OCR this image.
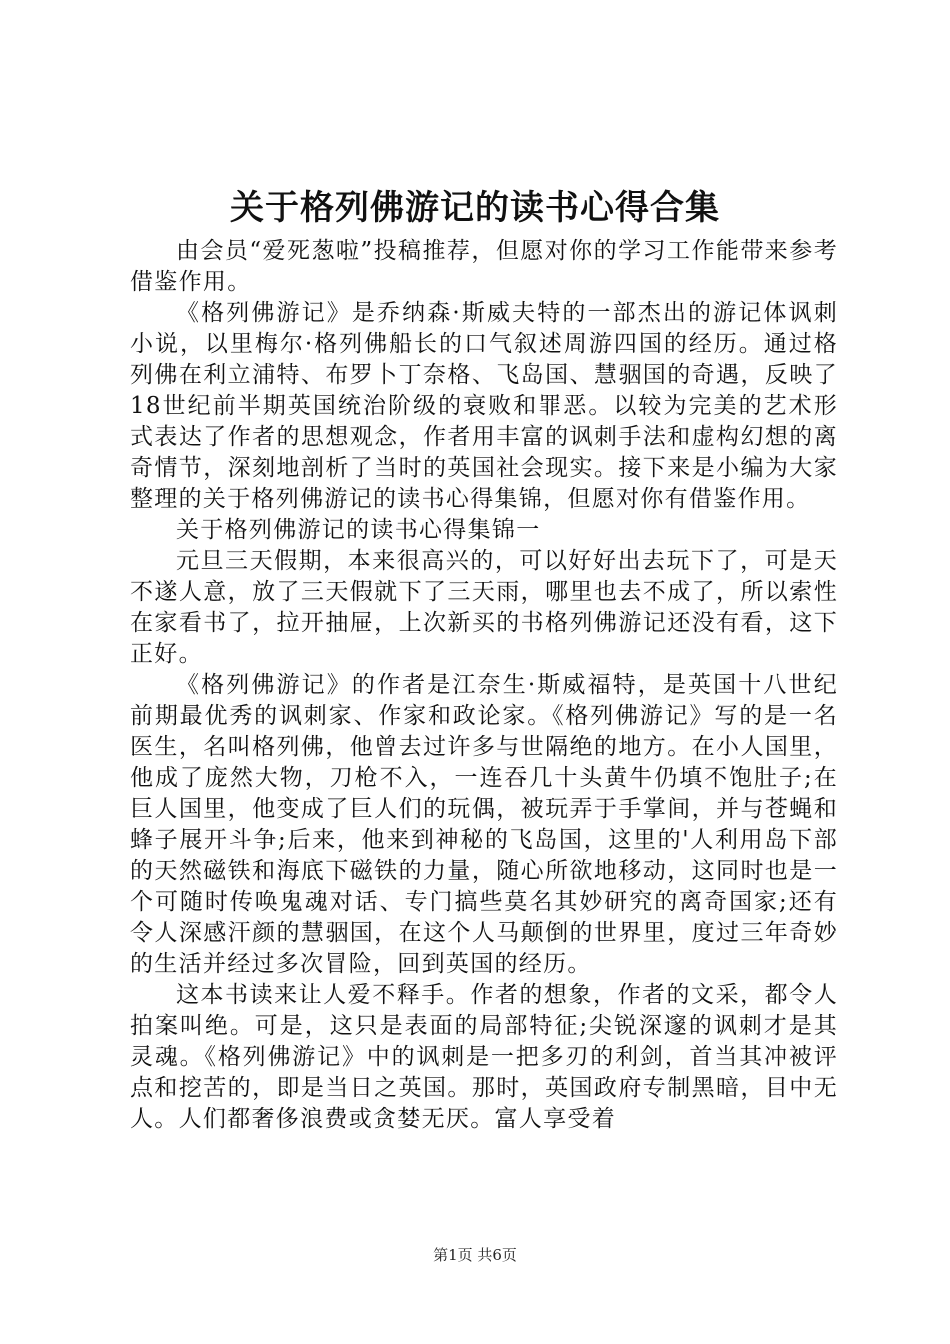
关于格列佛游记的读书心得合集

由会员“爱死葱啦”投稿推荐，但愿对你的学习工作能带来参考借鉴作用。

《格列佛游记》是乔纳森·斯威夫特的一部杰出的游记体讽刺小说，以里梅尔·格列佛船长的口气叙述周游四国的经历。通过格列佛在利立浦特、布罗卜丁奈格、飞岛国、慧骃国的奇遇，反映了18世纪前半期英国统治阶级的衰败和罪恶。以较为完美的艺术形式表达了作者的思想观念，作者用丰富的讽刺手法和虚构幻想的离奇情节，深刻地剖析了当时的英国社会现实。接下来是小编为大家整理的关于格列佛游记的读书心得集锦，但愿对你有借鉴作用。

关于格列佛游记的读书心得集锦一

元旦三天假期，本来很高兴的，可以好好出去玩下了，可是天不遂人意，放了三天假就下了三天雨，哪里也去不成了，所以索性在家看书了，拉开抽屉，上次新买的书格列佛游记还没有看，这下正好。

《格列佛游记》的作者是江奈生·斯威福特，是英国十八世纪前期最优秀的讽刺家、作家和政论家。《格列佛游记》写的是一名医生，名叫格列佛，他曾去过许多与世隔绝的地方。在小人国里，他成了庞然大物，刀枪不入，一连吞几十头黄牛仍填不饱肚子;在巨人国里，他变成了巨人们的玩偶，被玩弄于手掌间，并与苍蝇和蜂子展开斗争;后来，他来到神秘的飞岛国，这里的'人利用岛下部的天然磁铁和海底下磁铁的力量，随心所欲地移动，这同时也是一个可随时传唤鬼魂对话、专门搞些莫名其妙研究的离奇国家;还有令人深感汗颜的慧骃国，在这个人马颠倒的世界里，度过三年奇妙的生活并经过多次冒险，回到英国的经历。

这本书读来让人爱不释手。作者的想象，作者的文采，都令人拍案叫绝。可是，这只是表面的局部特征;尖锐深邃的讽刺才是其灵魂。《格列佛游记》中的讽刺是一把多刃的利剑，首当其冲被评点和挖苦的，即是当日之英国。那时，英国政府专制黑暗，目中无人。人们都奢侈浪费或贪婪无厌。富人享受着

第1页 共6页
